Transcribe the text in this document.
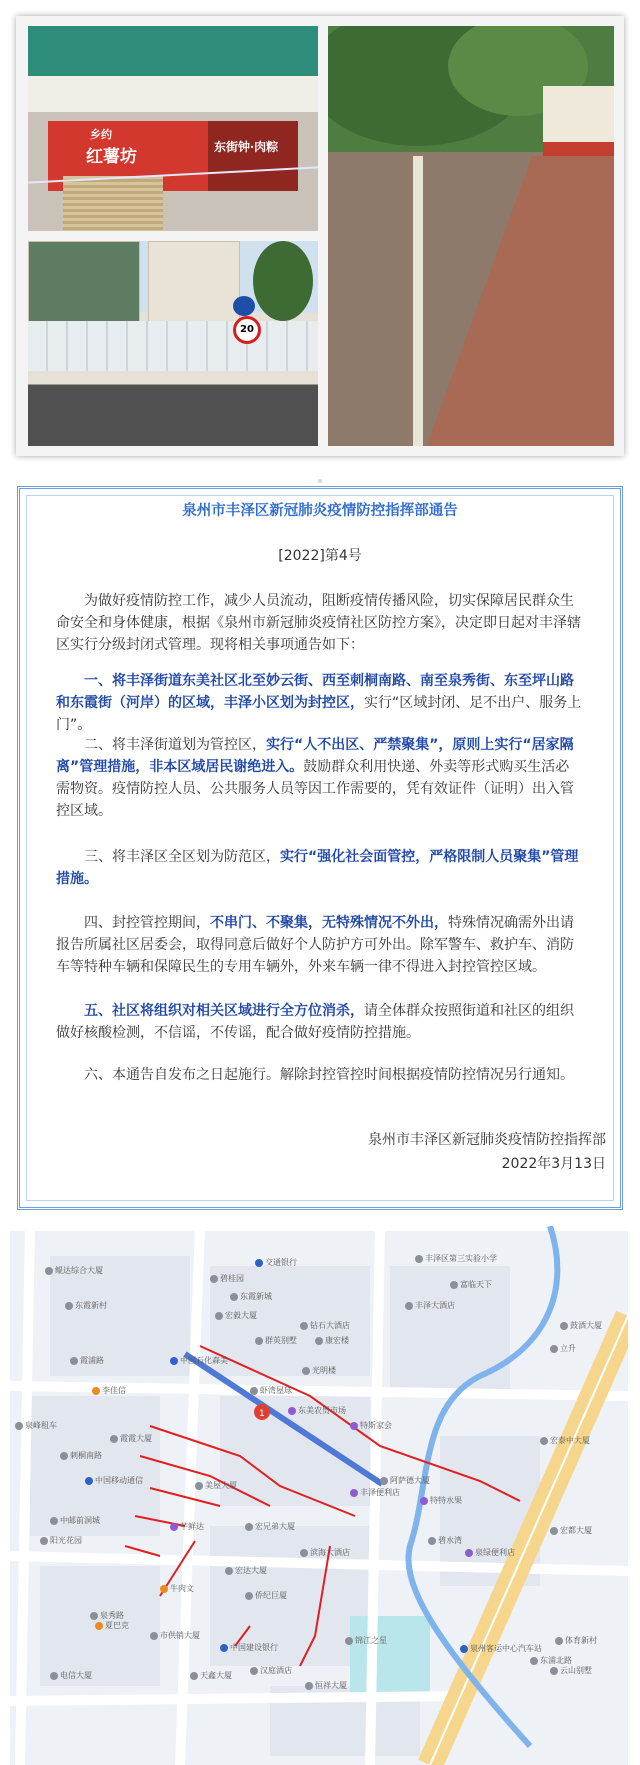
乡约
红薯坊	东街钟·肉粽
20
泉州市丰泽区新冠肺炎疫情防控指挥部通告
[2022]第4号
为做好疫情防控工作，减少人员流动，阻断疫情传播风险，切实保障居民群众生命安全和身体健康，根据《泉州市新冠肺炎疫情社区防控方案》，决定即日起对丰泽辖区实行分级封闭式管理。现将相关事项通告如下：
一、将丰泽街道东美社区北至妙云街、西至刺桐南路、南至泉秀街、东至坪山路和东霞街（河岸）的区域，丰泽小区划为封控区，实行“区域封闭、足不出户、服务上门”。
二、将丰泽街道划为管控区，实行“人不出区、严禁聚集”，原则上实行“居家隔离”管理措施，非本区域居民谢绝进入。鼓励群众利用快递、外卖等形式购买生活必需物资。疫情防控人员、公共服务人员等因工作需要的，凭有效证件（证明）出入管控区域。
三、将丰泽区全区划为防范区，实行“强化社会面管控，严格限制人员聚集”管理措施。
四、封控管控期间，不串门、不聚集，无特殊情况不外出，特殊情况确需外出请报告所属社区居委会，取得同意后做好个人防护方可外出。除军警车、救护车、消防车等特种车辆和保障民生的专用车辆外，外来车辆一律不得进入封控管控区域。
五、社区将组织对相关区域进行全方位消杀，请全体群众按照街道和社区的组织做好核酸检测，不信谣，不传谣，配合做好疫情防控措施。
六、本通告自发布之日起施行。解除封控管控时间根据疫情防控情况另行通知。
泉州市丰泽区新冠肺炎疫情防控指挥部
2022年3月13日
1
交通银行	丰泽区第三实验小学
鲲达综合大厦
东霞新村
碧桂园
东霞新城
宏毅大厦
富临天下
丰泽大酒店
鼓酒大厦
钻石大酒店
群英别墅	康宏楼
立升
中国石化森美
光明楼
李佳信	虾湾屋球
东美农贸市场
泉峰租车	特斯家会
霞霞大厦	宏泰中大厦
刺桐南路
中国移动通信	阿萨德大厦
美屋大厦
丰泽便利店
特特水果
中邮前洞城
阳光花园
芊鲜达	宏兄弟大厦
碧水湾
泉绿便利店
宏都大厦
滨海大酒店
宏达大厦
牛肉文
侨纪巨厦
泉秀路
夏巴克
市供销大厦
锦江之星
中国建设银行	泉州客运中心汽车站
汉庭酒店
天鑫大厦
恒祥大厦
电信大厦
东浦北路
云山别墅
体育新村
霞浦路
